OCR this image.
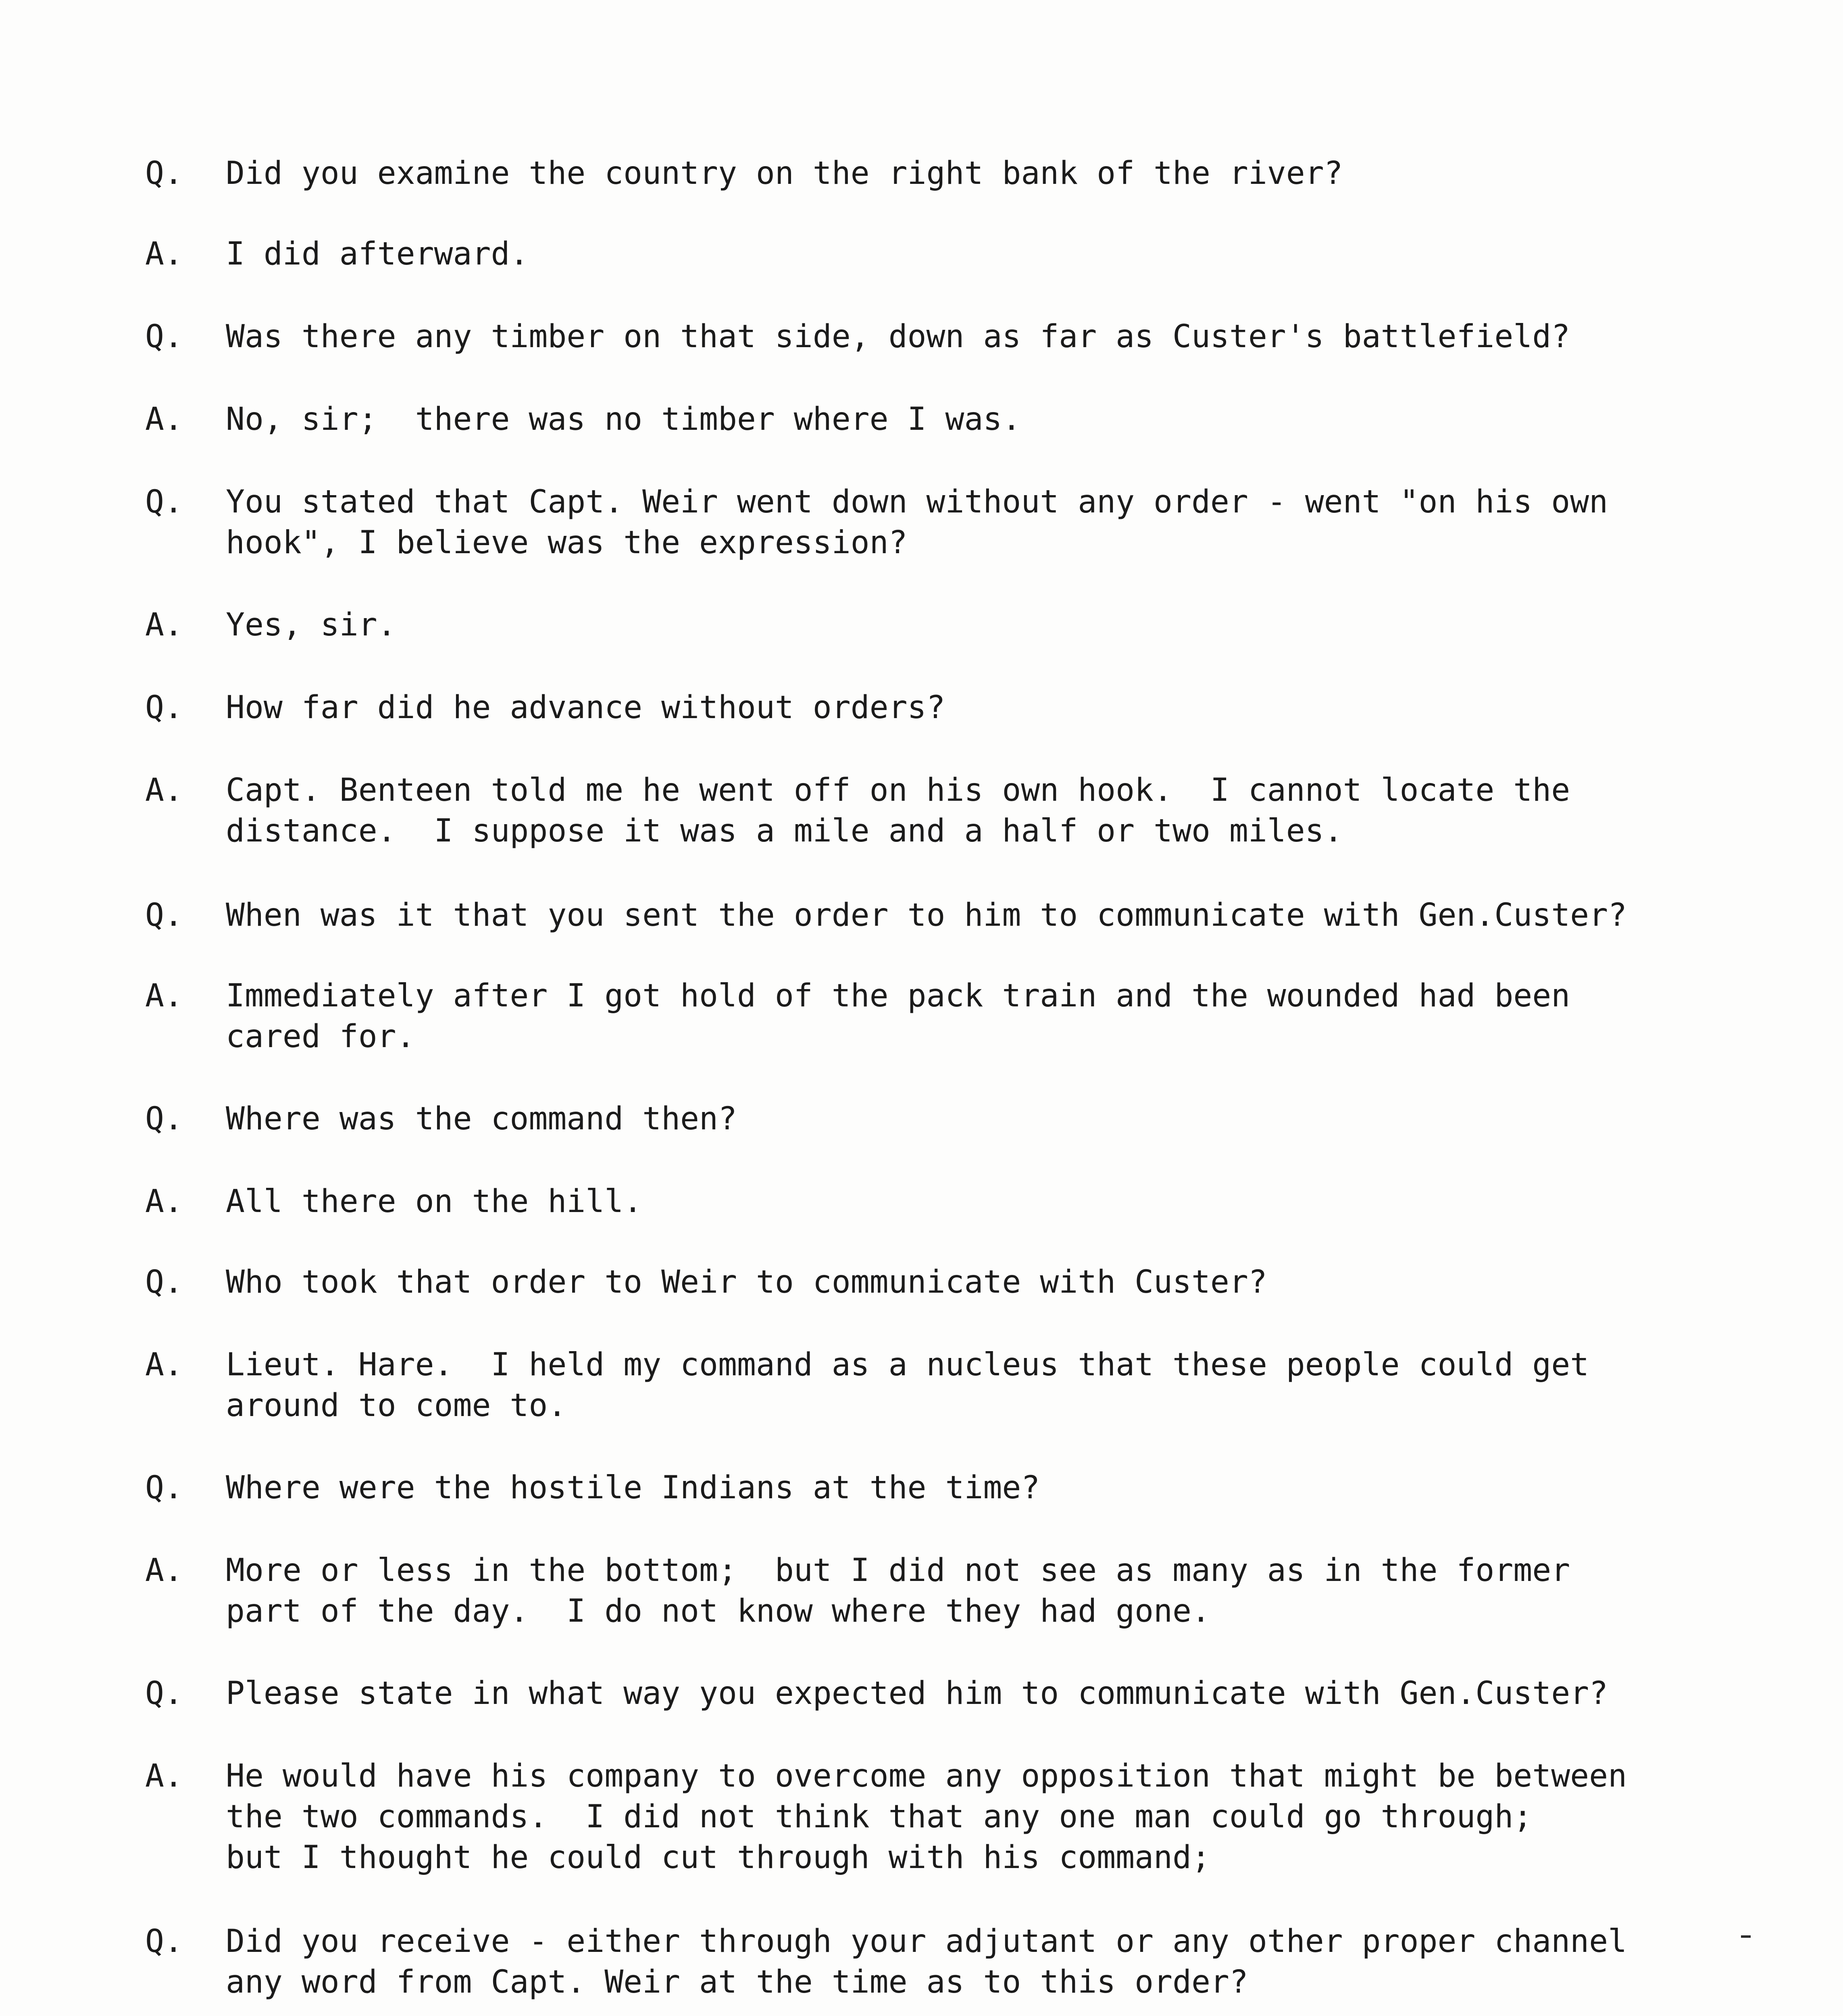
Q.	Did you examine the country on the right bank of the river?
A.	I did afterward.
Q.	Was there any timber on that side, down as far as Custer's battlefield?
A.	No, sir;  there was no timber where I was.
Q.	You stated that Capt. Weir went down without any order - went "on his own
hook", I believe was the expression?
A.	Yes, sir.
Q.	How far did he advance without orders?
A.	Capt. Benteen told me he went off on his own hook.  I cannot locate the
distance.  I suppose it was a mile and a half or two miles.
Q.	When was it that you sent the order to him to communicate with Gen.Custer?
A.	Immediately after I got hold of the pack train and the wounded had been
cared for.
Q.	Where was the command then?
A.	All there on the hill.
Q.	Who took that order to Weir to communicate with Custer?
A.	Lieut. Hare.  I held my command as a nucleus that these people could get
around to come to.
Q.	Where were the hostile Indians at the time?
A.	More or less in the bottom;  but I did not see as many as in the former
part of the day.  I do not know where they had gone.
Q.	Please state in what way you expected him to communicate with Gen.Custer?
A.	He would have his company to overcome any opposition that might be between
the two commands.  I did not think that any one man could go through;
but I thought he could cut through with his command;
Q.	Did you receive - either through your adjutant or any other proper channel
any word from Capt. Weir at the time as to this order?
